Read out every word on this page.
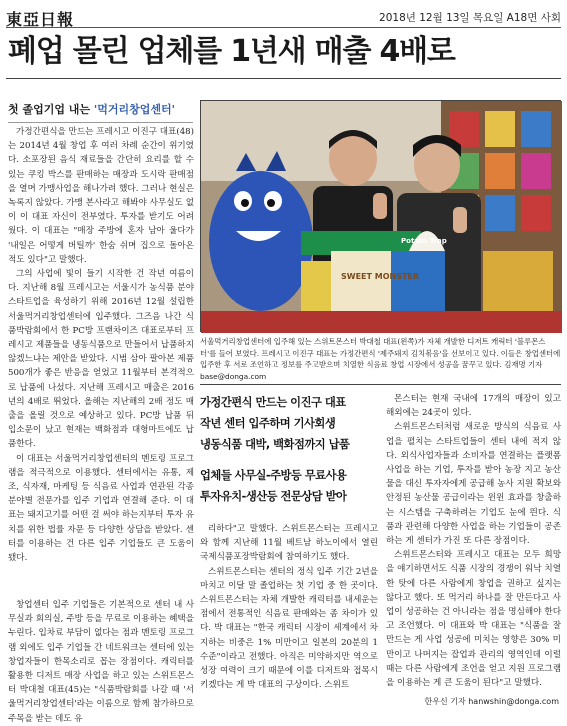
東亞日報	2018년 12월 13일 목요일 A18면 사회
폐업 몰린 업체를 1년새 매출 4배로
첫 졸업기업 내는 '먹거리창업센터'

가정간편식을 만드는 프레시고 이진구 대표(48)는 2014년 4월 창업 후 여러 차례 순간이 위기였다. 소포장된 음식 재료들을 간단히 요리를 할 수 있는 쿠킹 박스를 판매하는 매장과 도시락 판매점을 열며 가맹사업을 해나가려 했다. 그러나 현실은 녹록지 않았다. 가맹 본사라고 해봐야 사무실도 없이 이 대표 자신이 전부였다. 투자를 받기도 어려웠다. 이 대표는 "매장 주방에 혼자 남아 울다가 '내일은 어떻게 버틸까' 한숨 쉬며 집으로 돌아온 적도 있다"고 말했다.

그의 사업에 빛이 들기 시작한 건 작년 여름이다. 지난해 8월 프레시고는 서울시가 농식품 분야 스타트업을 육성하기 위해 2016년 12월 설립한 서울먹거리창업센터에 입주했다. 그즈음 나간 식품박람회에서 한 PC방 프랜차이즈 대표로부터 프레시고 제품들을 냉동식품으로 만들어서 납품하지 않겠느냐는 제안을 받았다. 시범 삼아 팔아본 제품 500개가 좋은 반응을 얻었고 11월부터 본격적으로 납품에 나섰다. 지난해 프레시고 매출은 2016년의 4배로 뛰었다. 올해는 지난해의 2배 정도 매출을 올릴 것으로 예상하고 있다. PC방 납품 뒤 입소문이 났고 현재는 백화점과 대형마트에도 납품한다.

이 대표는 서울먹거리창업센터의 멘토링 프로그램을 적극적으로 이용했다. 센터에서는 유통, 제조, 식자재, 마케팅 등 식음료 사업과 연관된 각종 분야별 전문가를 입주 기업과 연결해 준다. 이 대표는 돼지고기를 어떤 걸 써야 하는지부터 투자 유치를 위한 법률 자문 등 다양한 상담을 받았다. 센터를 이용하는 건 다른 입주 기업들도 큰 도움이 됐다.

창업센터 입주 기업들은 기본적으로 센터 내 사무실과 회의실, 주방 등을 무료로 이용하는 혜택을 누린다. 입차료 부담이 없다는 점과 멘토링 프로그램 외에도 입주 기업들 간 네트워크는 센터에 있는 창업자들이 한목소리로 꼽는 장점이다. 캐릭터를 활용한 디저트 매장 사업을 하고 있는 스위트몬스터 박대철 대표(45)는 "식품박람회를 나갈 때 '서울먹거리창업센터'라는 이름으로 함께 참가하므로 주목을 받는 데도 유

SWEET MONSTER
Potato Trap
서울먹거리창업센터에 입주해 있는 스위트몬스터 박대철 대표(왼쪽)가 자체 개발한 디저트 캐릭터 '블루몬스터'를 들어 보였다. 프레시고 이진구 대표는 가정간편식 '제주돼지 김치볶음'을 선보이고 있다. 이들은 창업센터에 입주한 후 서로 조언하고 정보를 주고받으며 치열한 식음료 창업 시장에서 성공을 꿈꾸고 있다. 김재명 기자 base@donga.com
가정간편식 만드는 이진구 대표
작년 센터 입주하며 기사회생
냉동식품 대박, 백화점까지 납품
업체들 사무실-주방등 무료사용
투자유치-생산등 전문상담 받아

리하다"고 말했다. 스위트몬스터는 프레시고와 함께 지난해 11월 베트남 하노이에서 열린 국제식품포장박람회에 참여하기도 했다.

스위트몬스터는 센터의 정식 입주 기간 2년을 마치고 이달 말 졸업하는 첫 기업 중 한 곳이다. 스위트몬스터는 자체 개발한 캐릭터를 내세운는 점에서 전통적인 식음료 판매와는 좀 차이가 있다. 박 대표는 "한국 캐릭터 시장이 세계에서 차지하는 비중은 1% 미만이고 일본의 20분의 1 수준"이라고 전했다. 아직은 미약하지만 역으로 성장 여력이 크기 때문에 이를 디저트와 접목시키겠다는 게 박 대표의 구상이다. 스위트

몬스터는 현재 국내에 17개의 매장이 있고 해외에는 24곳이 있다.

스위트몬스터처럼 새로운 방식의 식음료 사업을 펼치는 스타트업들이 센터 내에 적지 않다. 외식사업자들과 소비자를 연결하는 플랫폼 사업을 하는 기업, 투자를 받아 농장 지고 농산물을 대신 투자자에게 공급해 농사 지원 확보와 안정된 농산물 공급이라는 윈윈 효과를 창출하는 시스템을 구축하려는 기업도 눈에 띈다. 식품과 관련해 다양한 사업을 하는 기업들이 공존하는 게 센터가 가진 또 다른 장점이다.

스위트몬스터와 프레시고 대표는 모두 희망을 얘기하면서도 식품 시장의 경쟁이 워낙 치열한 탓에 다른 사람에게 창업을 권하고 싶지는 않다고 했다. 또 먹거리 하나를 잘 만든다고 사업이 성공하는 건 아니라는 점을 명심해야 한다고 조언했다. 이 대표와 박 대표는 "식품을 잘 만드는 게 사업 성공에 미치는 영향은 30% 미만이고 나머지는 잡업과 관리의 영역인데 이럴 때는 다른 사람에게 조언을 얻고 지원 프로그램을 이용하는 게 큰 도움이 된다"고 말했다.

한우신 기자 hanwshin@donga.com
